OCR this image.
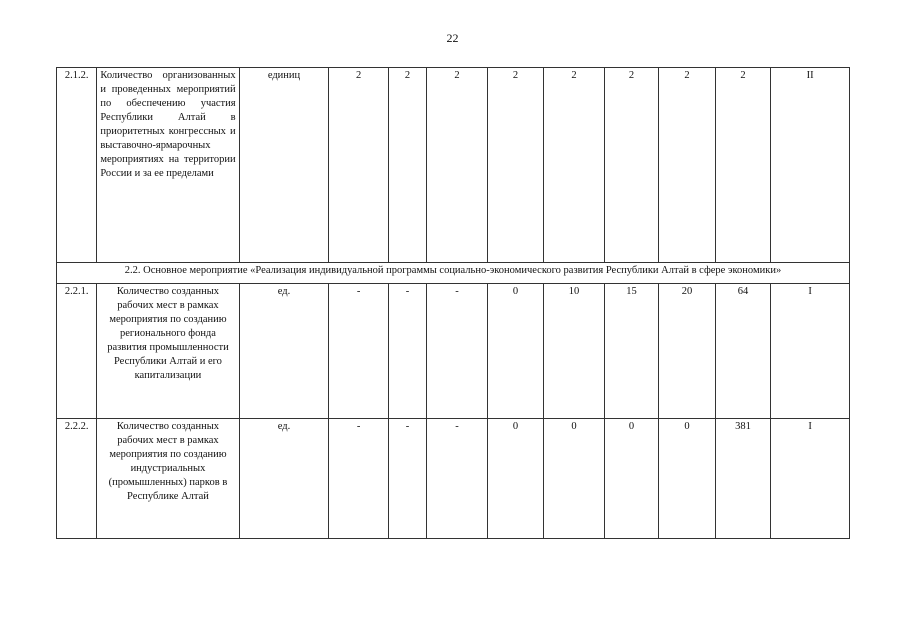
22
2.1.2.	Количество организованных и проведенных мероприятий по обеспечению участия Республики Алтай в приоритетных конгрессных и выставочно-ярмарочных мероприятиях на территории России и за ее пределами	единиц	2	2	2	2	2	2	2	2	II
2.2. Основное мероприятие «Реализация индивидуальной программы социально-экономического развития Республики Алтай в сфере экономики»											
2.2.1.	Количество созданных рабочих мест в рамках мероприятия по созданию регионального фонда развития промышленности Республики Алтай и его капитализации	ед.	-	-	-	0	10	15	20	64	I
2.2.2.	Количество созданных рабочих мест в рамках мероприятия по созданию индустриальных (промышленных) парков в Республике Алтай	ед.	-	-	-	0	0	0	0	381	I
